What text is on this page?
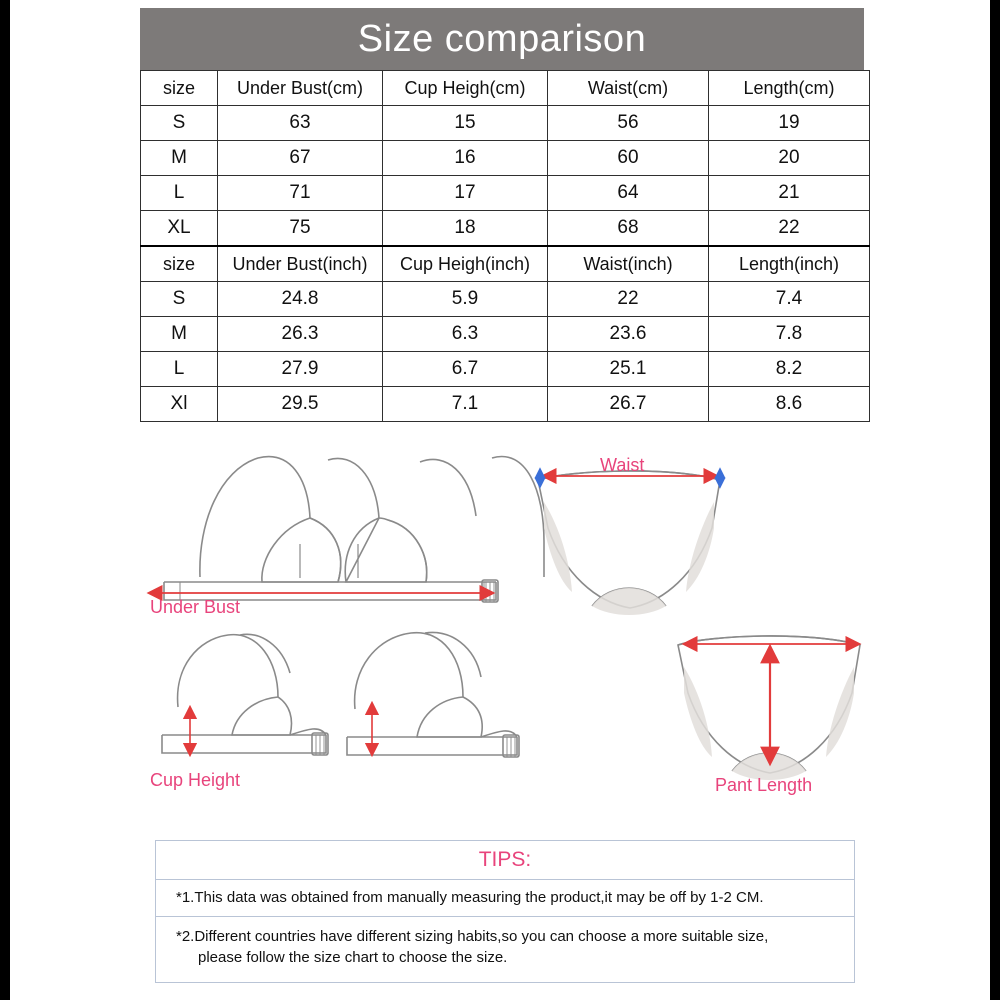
Size comparison
size	Under Bust(cm)	Cup Heigh(cm)	Waist(cm)	Length(cm)
S	63	15	56	19
M	67	16	60	20
L	71	17	64	21
XL	75	18	68	22
size	Under Bust(inch)	Cup Heigh(inch)	Waist(inch)	Length(inch)
S	24.8	5.9	22	7.4
M	26.3	6.3	23.6	7.8
L	27.9	6.7	25.1	8.2
Xl	29.5	7.1	26.7	8.6
Under Bust
Cup Height
Waist
Pant Length
TIPS:
*1.This data was obtained from manually measuring the product,it may be off by 1-2 CM.
*2.Different countries have different sizing habits,so you can choose a more suitable size,
please follow the size chart to choose the size.
